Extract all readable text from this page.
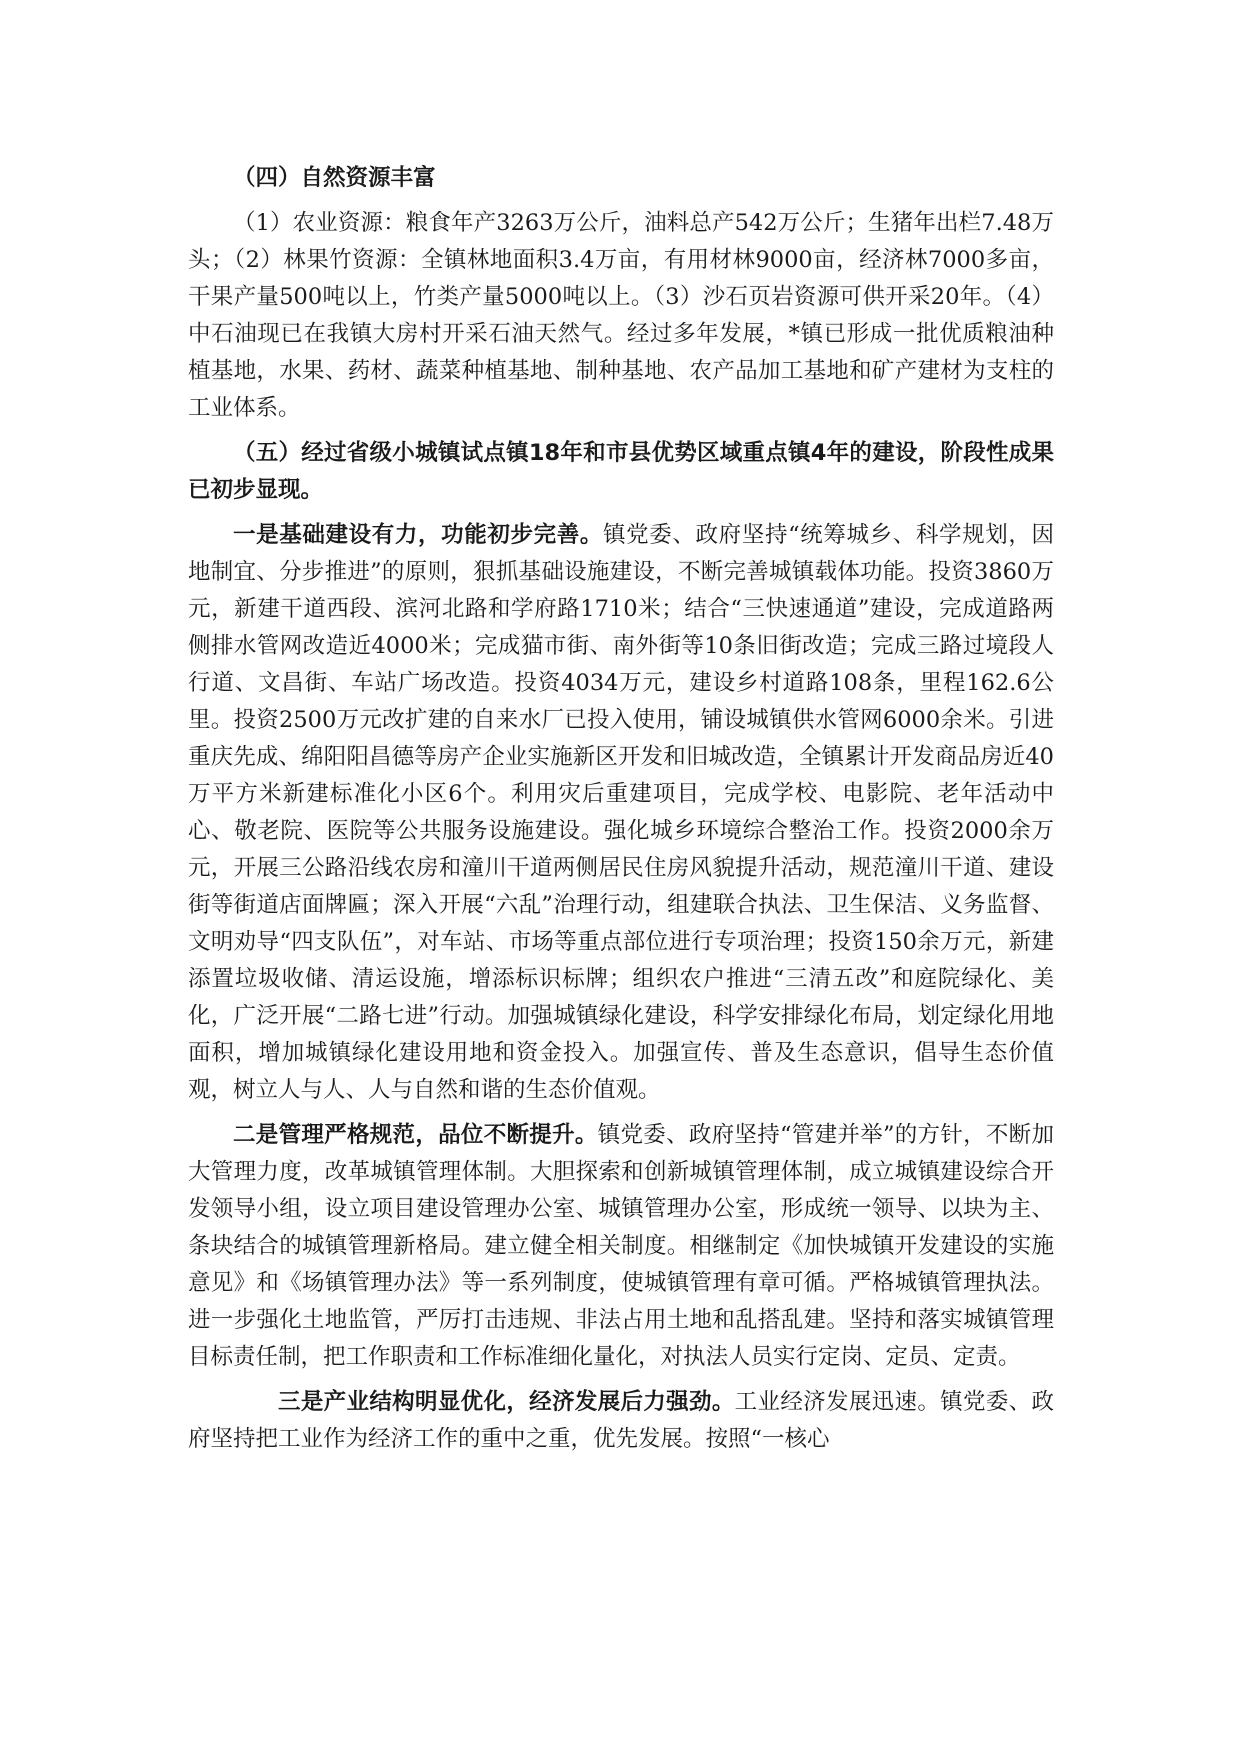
（四）自然资源丰富

（1）农业资源：粮食年产3263万公斤，油料总产542万公斤；生猪年出栏7.48万头；（2）林果竹资源：全镇林地面积3.4万亩，有用材林9000亩，经济林7000多亩，干果产量500吨以上，竹类产量5000吨以上。（3）沙石页岩资源可供开采20年。（4）中石油现已在我镇大房村开采石油天然气。经过多年发展，*镇已形成一批优质粮油种植基地，水果、药材、蔬菜种植基地、制种基地、农产品加工基地和矿产建材为支柱的工业体系。

（五）经过省级小城镇试点镇18年和市县优势区域重点镇4年的建设，阶段性成果已初步显现。

一是基础建设有力，功能初步完善。镇党委、政府坚持“统筹城乡、科学规划，因地制宜、分步推进”的原则，狠抓基础设施建设，不断完善城镇载体功能。投资3860万元，新建干道西段、滨河北路和学府路1710米；结合“三快速通道”建设，完成道路两侧排水管网改造近4000米；完成猫市街、南外街等10条旧街改造；完成三路过境段人行道、文昌街、车站广场改造。投资4034万元，建设乡村道路108条，里程162.6公里。投资2500万元改扩建的自来水厂已投入使用，铺设城镇供水管网6000余米。引进重庆先成、绵阳阳昌德等房产企业实施新区开发和旧城改造，全镇累计开发商品房近40万平方米新建标准化小区6个。利用灾后重建项目，完成学校、电影院、老年活动中心、敬老院、医院等公共服务设施建设。强化城乡环境综合整治工作。投资2000余万元，开展三公路沿线农房和潼川干道两侧居民住房风貌提升活动，规范潼川干道、建设街等街道店面牌匾；深入开展“六乱”治理行动，组建联合执法、卫生保洁、义务监督、文明劝导“四支队伍”，对车站、市场等重点部位进行专项治理；投资150余万元，新建添置垃圾收储、清运设施，增添标识标牌；组织农户推进“三清五改”和庭院绿化、美化，广泛开展“二路七进”行动。加强城镇绿化建设，科学安排绿化布局，划定绿化用地面积，增加城镇绿化建设用地和资金投入。加强宣传、普及生态意识，倡导生态价值观，树立人与人、人与自然和谐的生态价值观。

二是管理严格规范，品位不断提升。镇党委、政府坚持“管建并举”的方针，不断加大管理力度，改革城镇管理体制。大胆探索和创新城镇管理体制，成立城镇建设综合开发领导小组，设立项目建设管理办公室、城镇管理办公室，形成统一领导、以块为主、条块结合的城镇管理新格局。建立健全相关制度。相继制定《加快城镇开发建设的实施意见》和《场镇管理办法》等一系列制度，使城镇管理有章可循。严格城镇管理执法。进一步强化土地监管，严厉打击违规、非法占用土地和乱搭乱建。坚持和落实城镇管理目标责任制，把工作职责和工作标准细化量化，对执法人员实行定岗、定员、定责。

三是产业结构明显优化，经济发展后力强劲。工业经济发展迅速。镇党委、政府坚持把工业作为经济工作的重中之重，优先发展。按照“一核心
